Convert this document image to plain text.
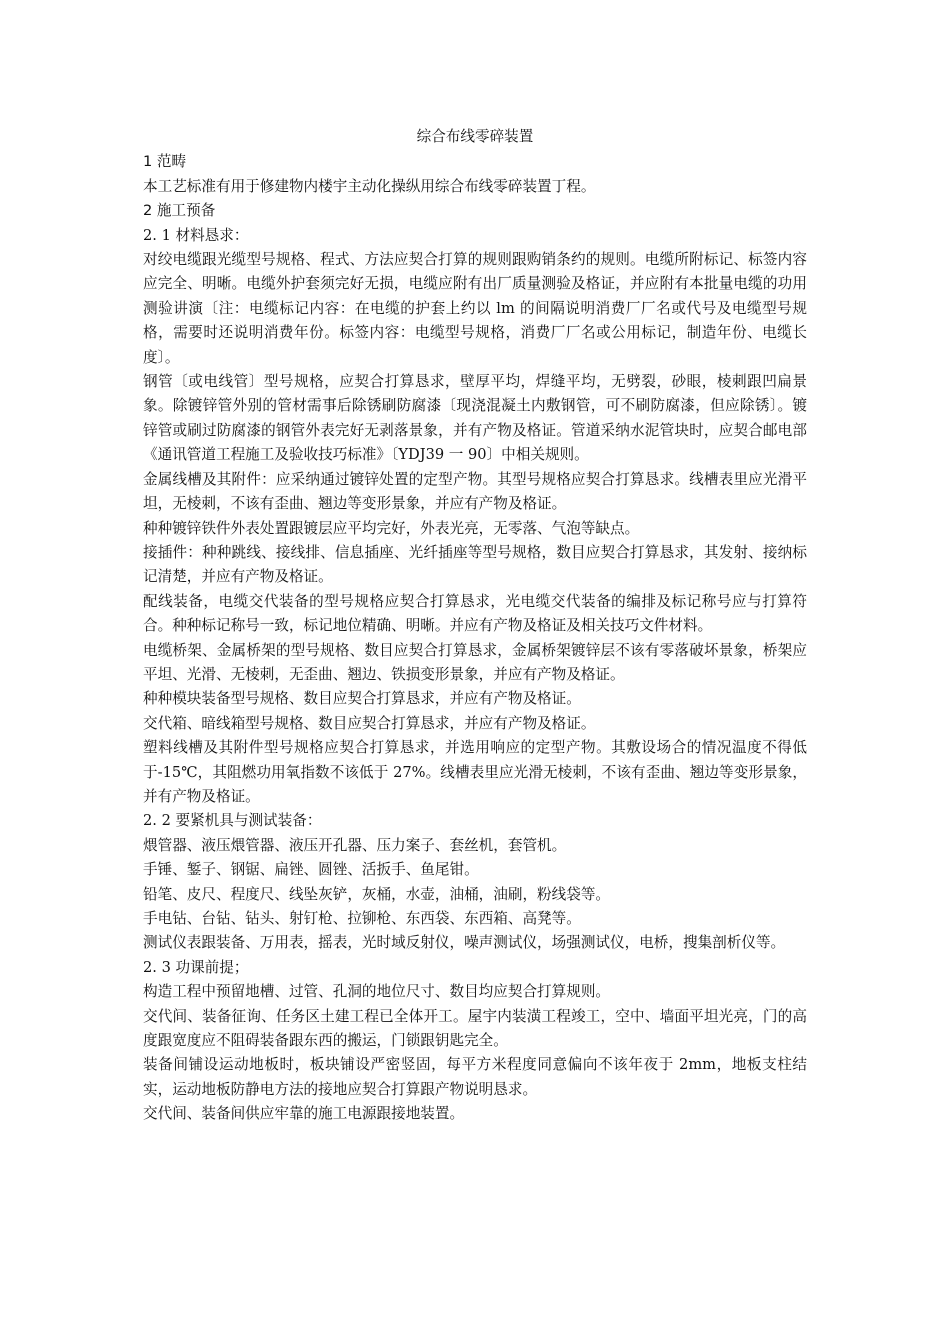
综合布线零碎装置

1 范畴

本工艺标准有用于修建物内楼宇主动化操纵用综合布线零碎装置丁程。

2 施工预备

2. 1 材料恳求：

对绞电缆跟光缆型号规格、程式、方法应契合打算的规则跟购销条约的规则。电缆所附标记、标签内容应完全、明晰。电缆外护套须完好无损，电缆应附有出厂质量测验及格证，并应附有本批量电缆的功用测验讲演〔注：电缆标记内容：在电缆的护套上约以 lm 的间隔说明消费厂厂名或代号及电缆型号规格，需要时还说明消费年份。标签内容：电缆型号规格，消费厂厂名或公用标记，制造年份、电缆长度〕。

钢管〔或电线管〕型号规格，应契合打算恳求，壁厚平均，焊缝平均，无劈裂，砂眼，棱刺跟凹扁景象。除镀锌管外别的管材需事后除锈刷防腐漆〔现浇混凝土内敷钢管，可不刷防腐漆，但应除锈〕。镀锌管或刷过防腐漆的钢管外表完好无剥落景象，并有产物及格证。管道采纳水泥管块时，应契合邮电部《通讯管道工程施工及验收技巧标准》〔YDJ39 一 90〕中相关规则。

金属线槽及其附件：应采纳通过镀锌处置的定型产物。其型号规格应契合打算恳求。线槽表里应光滑平坦，无棱刺，不该有歪曲、翘边等变形景象，并应有产物及格证。

种种镀锌铁件外表处置跟镀层应平均完好，外表光亮，无零落、气泡等缺点。

接插件：种种跳线、接线排、信息插座、光纤插座等型号规格，数目应契合打算恳求，其发射、接纳标记清楚，并应有产物及格证。

配线装备，电缆交代装备的型号规格应契合打算恳求，光电缆交代装备的编排及标记称号应与打算符合。种种标记称号一致，标记地位精确、明晰。并应有产物及格证及相关技巧文件材料。

电缆桥架、金属桥架的型号规格、数目应契合打算恳求，金属桥架镀锌层不该有零落破坏景象，桥架应平坦、光滑、无棱刺，无歪曲、翘边、铁损变形景象，并应有产物及格证。

种种模块装备型号规格、数目应契合打算恳求，并应有产物及格证。

交代箱、暗线箱型号规格、数目应契合打算恳求，并应有产物及格证。

塑料线槽及其附件型号规格应契合打算恳求，并选用响应的定型产物。其敷设场合的情况温度不得低于-15℃，其阻燃功用氧指数不该低于 27%。线槽表里应光滑无棱刺，不该有歪曲、翘边等变形景象，并有产物及格证。

2. 2 要紧机具与测试装备：

煨管器、液压煨管器、液压开孔器、压力案子、套丝机，套管机。

手锤、錾子、钢锯、扁锉、圆锉、活扳手、鱼尾钳。

铅笔、皮尺、程度尺、线坠灰铲，灰桶，水壶，油桶，油刷，粉线袋等。

手电钻、台钻、钻头、射钉枪、拉铆枪、东西袋、东西箱、高凳等。

测试仪表跟装备、万用表，摇表，光时域反射仪，噪声测试仪，场强测试仪，电桥，搜集剖析仪等。

2. 3 功课前提；

构造工程中预留地槽、过管、孔洞的地位尺寸、数目均应契合打算规则。

交代间、装备征询、任务区土建工程已全体开工。屋宇内装潢工程竣工，空中、墙面平坦光亮，门的高度跟宽度应不阻碍装备跟东西的搬运，门锁跟钥匙完全。

装备间铺设运动地板时，板块铺设严密竖固，每平方米程度同意偏向不该年夜于 2mm，地板支柱结实，运动地板防静电方法的接地应契合打算跟产物说明恳求。

交代间、装备间供应牢靠的施工电源跟接地装置。
